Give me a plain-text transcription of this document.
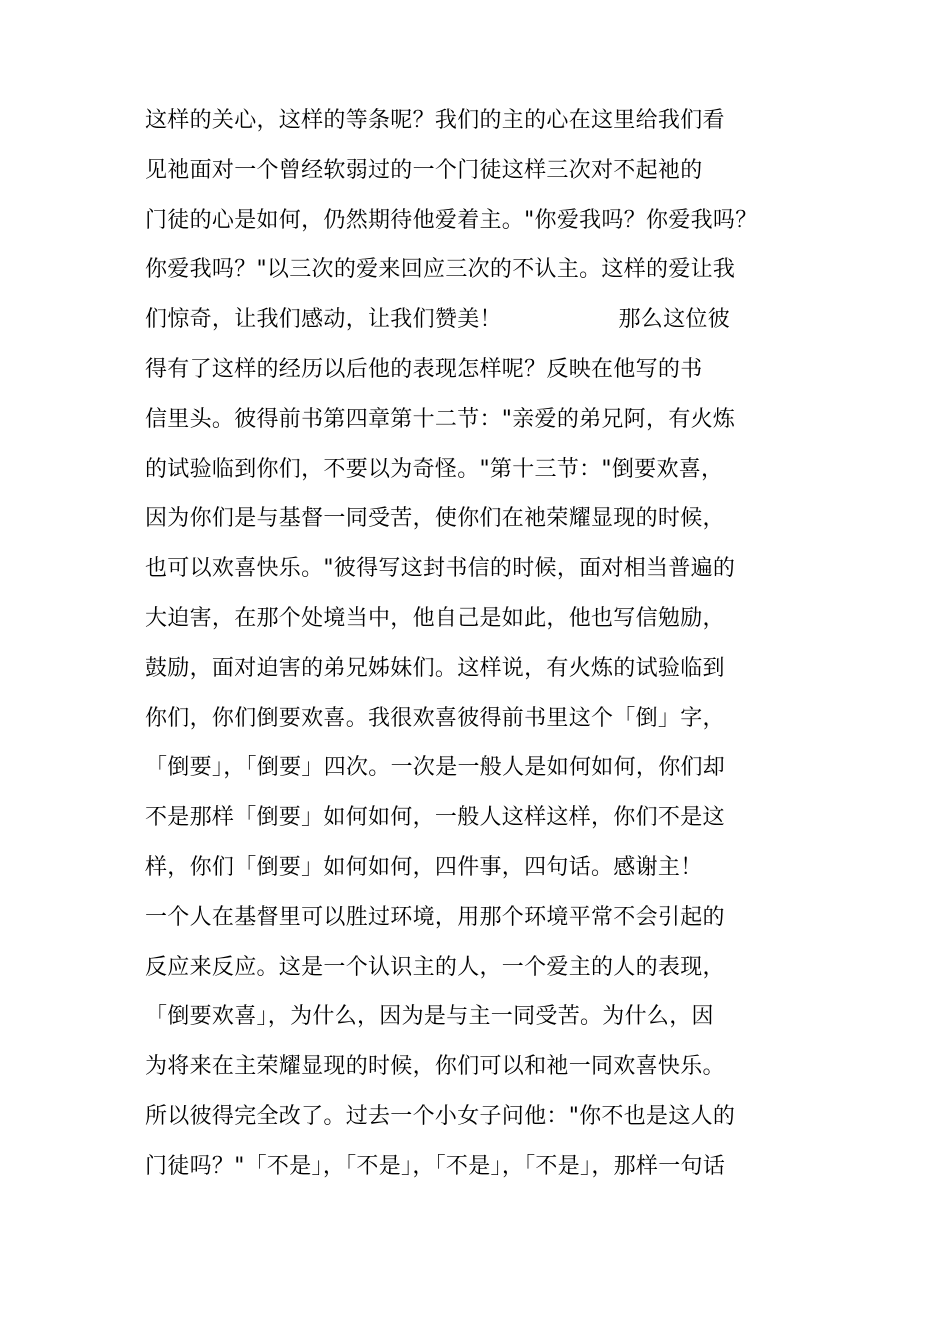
这样的关心，这样的等条呢？我们的主的心在这里给我们看
见祂面对一个曾经软弱过的一个门徒这样三次对不起祂的
门徒的心是如何，仍然期待他爱着主。"你爱我吗？你爱我吗？
你爱我吗？"以三次的爱来回应三次的不认主。这样的爱让我
们惊奇，让我们感动，让我们赞美！                那么这位彼
得有了这样的经历以后他的表现怎样呢？反映在他写的书
信里头。彼得前书第四章第十二节："亲爱的弟兄阿，有火炼
的试验临到你们，不要以为奇怪。"第十三节："倒要欢喜，
因为你们是与基督一同受苦，使你们在祂荣耀显现的时候，
也可以欢喜快乐。"彼得写这封书信的时候，面对相当普遍的
大迫害，在那个处境当中，他自己是如此，他也写信勉励，
鼓励，面对迫害的弟兄姊妹们。这样说，有火炼的试验临到
你们，你们倒要欢喜。我很欢喜彼得前书里这个「倒」字，
「倒要」，「倒要」四次。一次是一般人是如何如何，你们却
不是那样「倒要」如何如何，一般人这样这样，你们不是这
样，你们「倒要」如何如何，四件事，四句话。感谢主！
一个人在基督里可以胜过环境，用那个环境平常不会引起的
反应来反应。这是一个认识主的人，一个爱主的人的表现，
「倒要欢喜」，为什么，因为是与主一同受苦。为什么，因
为将来在主荣耀显现的时候，你们可以和祂一同欢喜快乐。
所以彼得完全改了。过去一个小女子问他："你不也是这人的
门徒吗？"「不是」，「不是」，「不是」，「不是」，那样一句话
